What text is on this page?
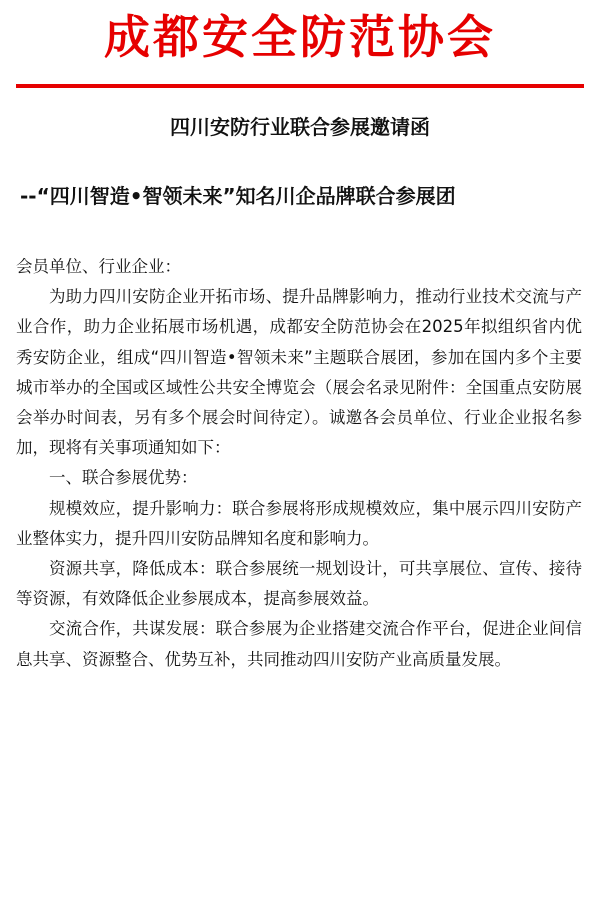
成都安全防范协会
四川安防行业联合参展邀请函
--“四川智造•智领未来”知名川企品牌联合参展团

会员单位、行业企业：

为助力四川安防企业开拓市场、提升品牌影响力，推动行业技术交流与产业合作，助力企业拓展市场机遇，成都安全防范协会在2025年拟组织省内优秀安防企业，组成“四川智造•智领未来”主题联合展团，参加在国内多个主要城市举办的全国或区域性公共安全博览会（展会名录见附件：全国重点安防展会举办时间表，另有多个展会时间待定）。诚邀各会员单位、行业企业报名参加，现将有关事项通知如下：

一、联合参展优势：

规模效应，提升影响力：联合参展将形成规模效应，集中展示四川安防产业整体实力，提升四川安防品牌知名度和影响力。

资源共享，降低成本：联合参展统一规划设计，可共享展位、宣传、接待等资源，有效降低企业参展成本，提高参展效益。

交流合作，共谋发展：联合参展为企业搭建交流合作平台，促进企业间信息共享、资源整合、优势互补，共同推动四川安防产业高质量发展。
